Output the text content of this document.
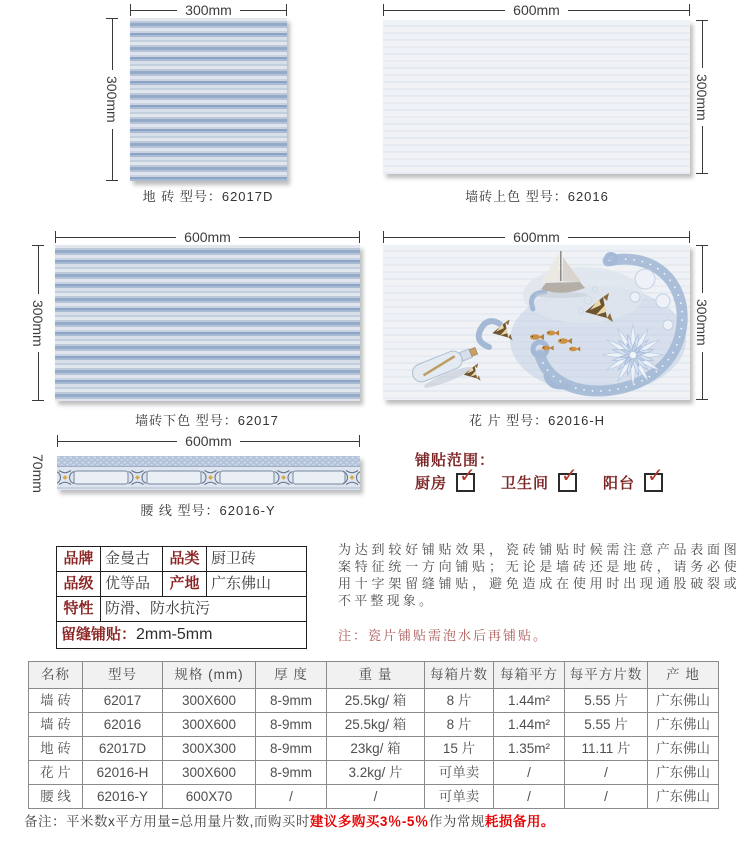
300mm
300mm
地 砖 型号：62017D
600mm
300mm
墙砖上色 型号：62016
600mm
300mm
墙砖下色 型号：62017
600mm
300mm
花 片 型号：62016-H
600mm
70mm
腰 线 型号：62016-Y
铺贴范围：
厨房 ✓ 卫生间 ✓ 阳台 ✓
品牌	金曼古	品类	厨卫砖
品级	优等品	产地	广东佛山
特性	防滑、防水抗污		
留缝铺贴：2mm-5mm			
为达到较好铺贴效果，瓷砖铺贴时候需注意产品表面图案特征统一方向铺贴；无论是墙砖还是地砖，请务必使用十字架留缝铺贴，避免造成在使用时出现通股破裂或不平整现象。
注：瓷片铺贴需泡水后再铺贴。
名称	型号	规格 (mm)	厚 度	重 量	每箱片数	每箱平方	每平方片数	产 地
墙 砖	62017	300X600	8-9mm	25.5kg/ 箱	8 片	1.44m²	5.55 片	广东佛山
墙 砖	62016	300X600	8-9mm	25.5kg/ 箱	8 片	1.44m²	5.55 片	广东佛山
地 砖	62017D	300X300	8-9mm	23kg/ 箱	15 片	1.35m²	11.11 片	广东佛山
花 片	62016-H	300X600	8-9mm	3.2kg/ 片	可单卖	/	/	广东佛山
腰 线	62016-Y	600X70	/	/	可单卖	/	/	广东佛山
备注：平米数x平方用量=总用量片数,而购买时建议多购买3％-5％作为常规耗损备用。
